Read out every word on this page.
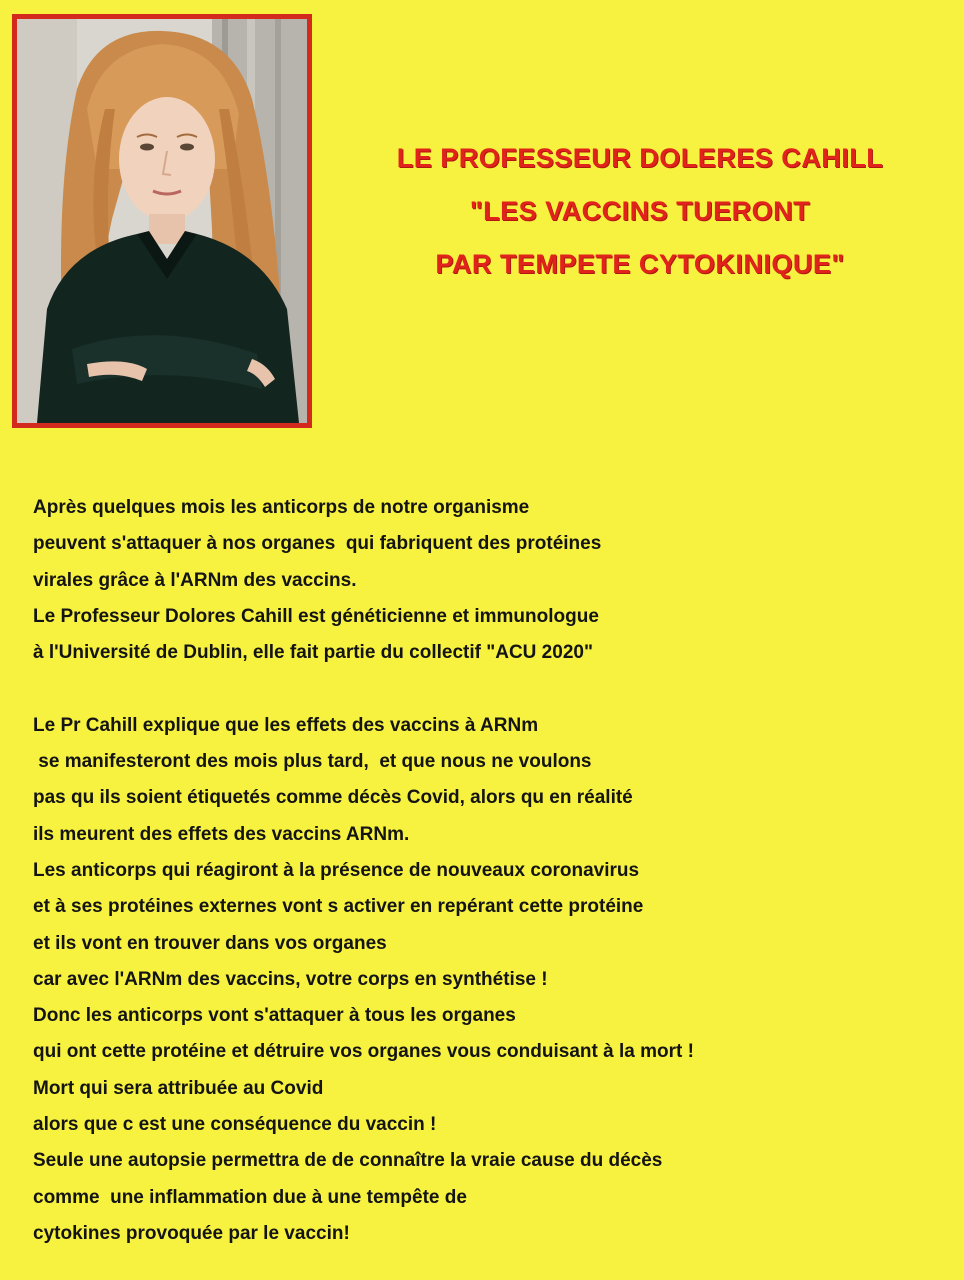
LE PROFESSEUR DOLERES CAHILL
"LES VACCINS TUERONT
PAR TEMPETE CYTOKINIQUE"
Après quelques mois les anticorps de notre organisme
peuvent s'attaquer à nos organes  qui fabriquent des protéines
virales grâce à l'ARNm des vaccins.
Le Professeur Dolores Cahill est généticienne et immunologue
à l'Université de Dublin, elle fait partie du collectif "ACU 2020"
Le Pr Cahill explique que les effets des vaccins à ARNm
se manifesteront des mois plus tard,  et que nous ne voulons
pas qu ils soient étiquetés comme décès Covid, alors qu en réalité
ils meurent des effets des vaccins ARNm.
Les anticorps qui réagiront à la présence de nouveaux coronavirus
et à ses protéines externes vont s activer en repérant cette protéine
et ils vont en trouver dans vos organes
car avec l'ARNm des vaccins, votre corps en synthétise !
Donc les anticorps vont s'attaquer à tous les organes
qui ont cette protéine et détruire vos organes vous conduisant à la mort !
Mort qui sera attribuée au Covid
alors que c est une conséquence du vaccin !
Seule une autopsie permettra de de connaître la vraie cause du décès
comme  une inflammation due à une tempête de
cytokines provoquée par le vaccin!
